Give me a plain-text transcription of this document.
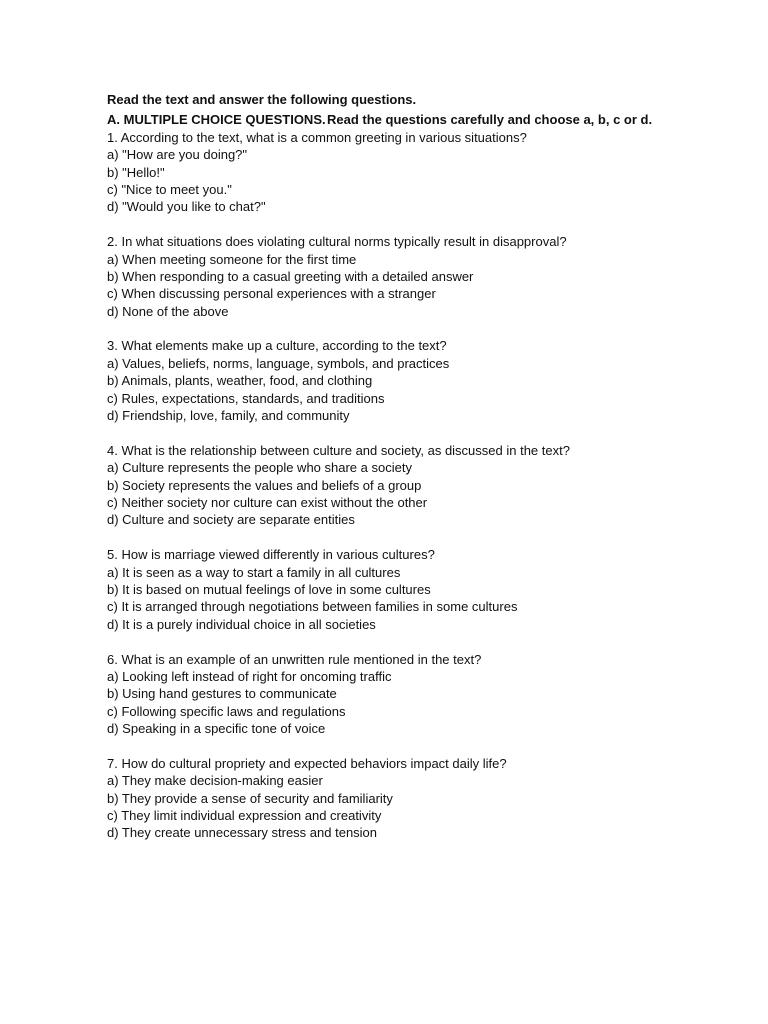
Read the text and answer the following questions.
A. MULTIPLE CHOICE QUESTIONS. Read the questions carefully and choose a, b, c or d.
1. According to the text, what is a common greeting in various situations?
a) "How are you doing?"
b) "Hello!"
c) "Nice to meet you."
d) "Would you like to chat?"
2. In what situations does violating cultural norms typically result in disapproval?
a) When meeting someone for the first time
b) When responding to a casual greeting with a detailed answer
c) When discussing personal experiences with a stranger
d) None of the above
3. What elements make up a culture, according to the text?
a) Values, beliefs, norms, language, symbols, and practices
b) Animals, plants, weather, food, and clothing
c) Rules, expectations, standards, and traditions
d) Friendship, love, family, and community
4. What is the relationship between culture and society, as discussed in the text?
a) Culture represents the people who share a society
b) Society represents the values and beliefs of a group
c) Neither society nor culture can exist without the other
d) Culture and society are separate entities
5. How is marriage viewed differently in various cultures?
a) It is seen as a way to start a family in all cultures
b) It is based on mutual feelings of love in some cultures
c) It is arranged through negotiations between families in some cultures
d) It is a purely individual choice in all societies
6. What is an example of an unwritten rule mentioned in the text?
a) Looking left instead of right for oncoming traffic
b) Using hand gestures to communicate
c) Following specific laws and regulations
d) Speaking in a specific tone of voice
7. How do cultural propriety and expected behaviors impact daily life?
a) They make decision-making easier
b) They provide a sense of security and familiarity
c) They limit individual expression and creativity
d) They create unnecessary stress and tension
